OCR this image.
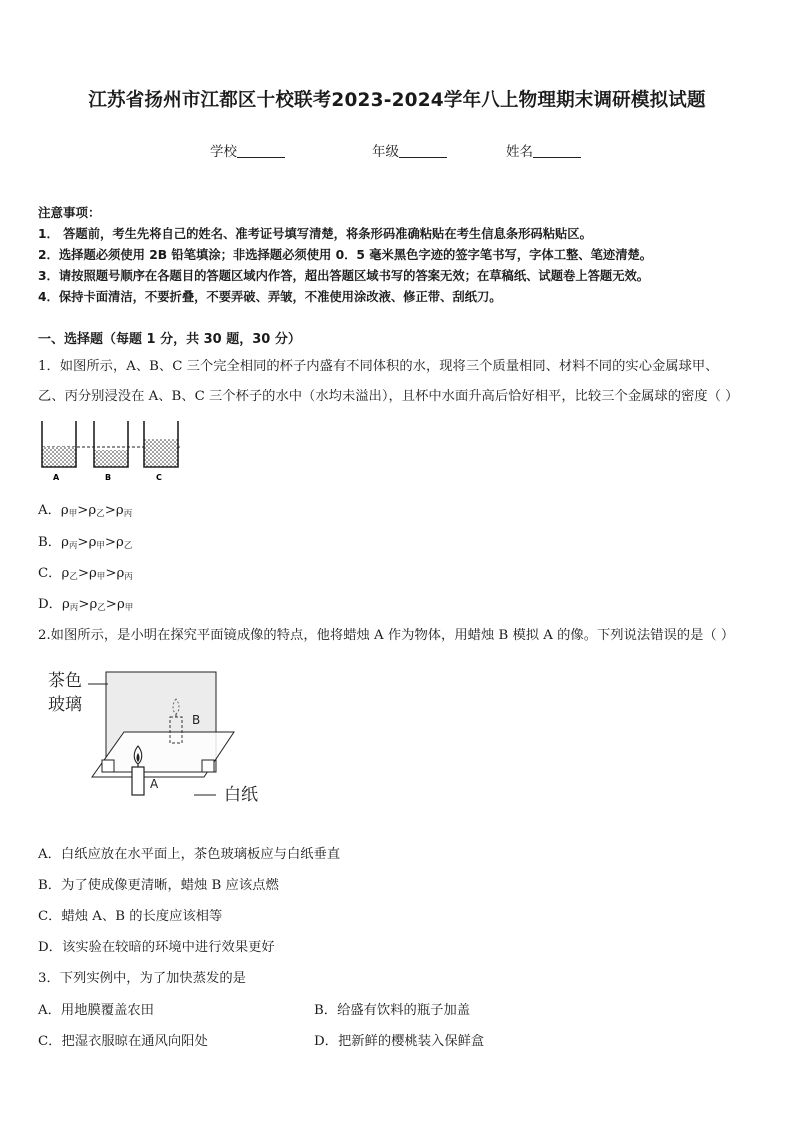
江苏省扬州市江都区十校联考2023-2024学年八上物理期末调研模拟试题
学校	年级	姓名
注意事项：
1． 答题前，考生先将自己的姓名、准考证号填写清楚，将条形码准确粘贴在考生信息条形码粘贴区。
2．选择题必须使用 2B 铅笔填涂；非选择题必须使用 0．5 毫米黑色字迹的签字笔书写，字体工整、笔迹清楚。
3．请按照题号顺序在各题目的答题区域内作答，超出答题区域书写的答案无效；在草稿纸、试题卷上答题无效。
4．保持卡面清洁，不要折叠，不要弄破、弄皱，不准使用涂改液、修正带、刮纸刀。
一、选择题（每题 1 分，共 30 题，30 分）
1．如图所示，A、B、C 三个完全相同的杯子内盛有不同体积的水，现将三个质量相同、材料不同的实心金属球甲、
乙、丙分别浸没在 A、B、C 三个杯子的水中（水均未溢出），且杯中水面升高后恰好相平，比较三个金属球的密度（ ）
A	B	C
A．$\rho_甲>\rho_乙>\rho_丙$
B．$\rho_丙>\rho_甲>\rho_乙$
C．$\rho_乙>\rho_甲>\rho_丙$
D．$\rho_丙>\rho_乙>\rho_甲$
2.如图所示，是小明在探究平面镜成像的特点，他将蜡烛 A 作为物体，用蜡烛 B 模拟 A 的像。下列说法错误的是（ ）
B
A
茶色
玻璃
白纸
A．白纸应放在水平面上，茶色玻璃板应与白纸垂直
B．为了使成像更清晰，蜡烛 B 应该点燃
C．蜡烛 A、B 的长度应该相等
D．该实验在较暗的环境中进行效果更好
3．下列实例中，为了加快蒸发的是
A．用地膜覆盖农田	B．给盛有饮料的瓶子加盖
C．把湿衣服晾在通风向阳处	D．把新鲜的樱桃装入保鲜盒
